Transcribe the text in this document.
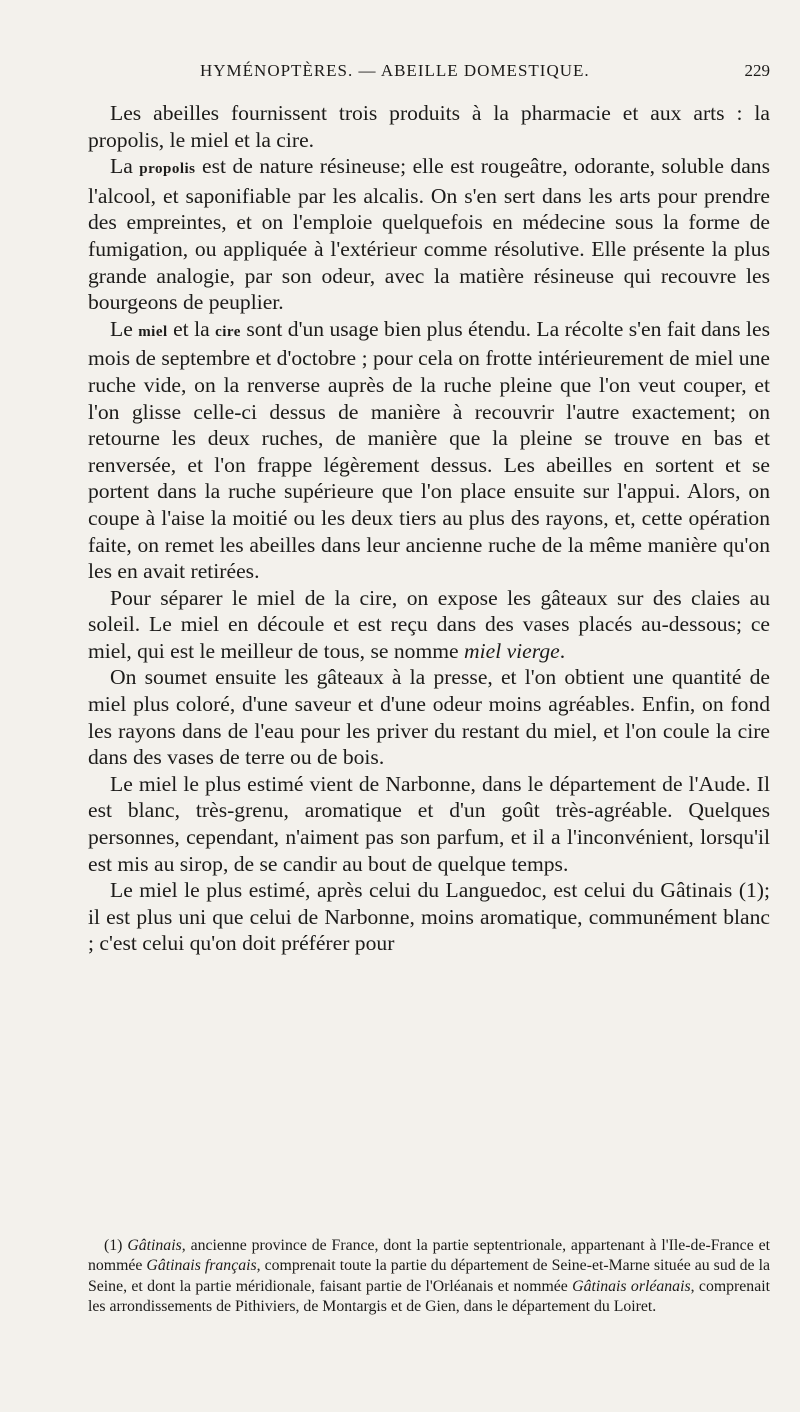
HYMÉNOPTÈRES. — ABEILLE DOMESTIQUE.	229

Les abeilles fournissent trois produits à la pharmacie et aux arts : la propolis, le miel et la cire.

La propolis est de nature résineuse; elle est rougeâtre, odorante, soluble dans l'alcool, et saponifiable par les alcalis. On s'en sert dans les arts pour prendre des empreintes, et on l'emploie quelquefois en médecine sous la forme de fumigation, ou appliquée à l'extérieur comme résolutive. Elle présente la plus grande analogie, par son odeur, avec la matière résineuse qui recouvre les bourgeons de peuplier.

Le miel et la cire sont d'un usage bien plus étendu. La récolte s'en fait dans les mois de septembre et d'octobre ; pour cela on frotte intérieurement de miel une ruche vide, on la renverse auprès de la ruche pleine que l'on veut couper, et l'on glisse celle-ci dessus de manière à recouvrir l'autre exactement; on retourne les deux ruches, de manière que la pleine se trouve en bas et renversée, et l'on frappe légèrement dessus. Les abeilles en sortent et se portent dans la ruche supérieure que l'on place ensuite sur l'appui. Alors, on coupe à l'aise la moitié ou les deux tiers au plus des rayons, et, cette opération faite, on remet les abeilles dans leur ancienne ruche de la même manière qu'on les en avait retirées.

Pour séparer le miel de la cire, on expose les gâteaux sur des claies au soleil. Le miel en découle et est reçu dans des vases placés au-dessous; ce miel, qui est le meilleur de tous, se nomme miel vierge.

On soumet ensuite les gâteaux à la presse, et l'on obtient une quantité de miel plus coloré, d'une saveur et d'une odeur moins agréables. Enfin, on fond les rayons dans de l'eau pour les priver du restant du miel, et l'on coule la cire dans des vases de terre ou de bois.

Le miel le plus estimé vient de Narbonne, dans le département de l'Aude. Il est blanc, très-grenu, aromatique et d'un goût très-agréable. Quelques personnes, cependant, n'aiment pas son parfum, et il a l'inconvénient, lorsqu'il est mis au sirop, de se candir au bout de quelque temps.

Le miel le plus estimé, après celui du Languedoc, est celui du Gâtinais (1); il est plus uni que celui de Narbonne, moins aromatique, communément blanc ; c'est celui qu'on doit préférer pour

(1) Gâtinais, ancienne province de France, dont la partie septentrionale, appartenant à l'Ile-de-France et nommée Gâtinais français, comprenait toute la partie du département de Seine-et-Marne située au sud de la Seine, et dont la partie méridionale, faisant partie de l'Orléanais et nommée Gâtinais orléanais, comprenait les arrondissements de Pithiviers, de Montargis et de Gien, dans le département du Loiret.
